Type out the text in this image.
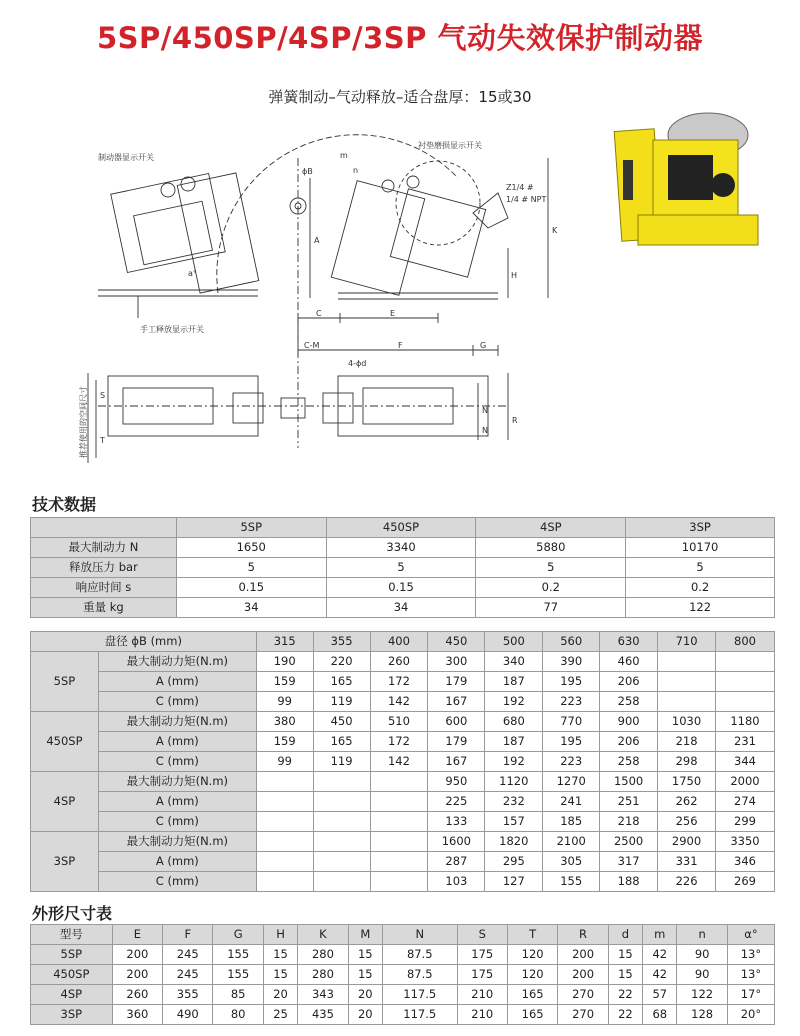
5SP/450SP/4SP/3SP 气动失效保护制动器
弹簧制动–气动释放–适合盘厚：15或30
制动器显示开关
衬垫磨损显示开关
手工释放显示开关
ϕB
4-ϕd
Z1/4 #
1/4 # NPT
m
n
A
K
H
C	E
C-M	F	G
S
T
N
N
R
a°
推荐使用的空间尺寸
技术数据
	5SP	450SP	4SP	3SP
最大制动力 N	1650	3340	5880	10170
释放压力 bar	5	5	5	5
响应时间 s	0.15	0.15	0.2	0.2
重量 kg	34	34	77	122
盘径 ϕB (mm)		315	355	400	450	500	560	630	710	800
5SP	最大制动力矩(N.m)	190	220	260	300	340	390	460		
	A (mm)	159	165	172	179	187	195	206		
	C (mm)	99	119	142	167	192	223	258		
450SP	最大制动力矩(N.m)	380	450	510	600	680	770	900	1030	1180
	A (mm)	159	165	172	179	187	195	206	218	231
	C (mm)	99	119	142	167	192	223	258	298	344
4SP	最大制动力矩(N.m)				950	1120	1270	1500	1750	2000
	A (mm)				225	232	241	251	262	274
	C (mm)				133	157	185	218	256	299
3SP	最大制动力矩(N.m)				1600	1820	2100	2500	2900	3350
	A (mm)				287	295	305	317	331	346
	C (mm)				103	127	155	188	226	269
外形尺寸表
型号	E	F	G	H	K	M	N	S	T	R	d	m	n	α°
5SP	200	245	155	15	280	15	87.5	175	120	200	15	42	90	13°
450SP	200	245	155	15	280	15	87.5	175	120	200	15	42	90	13°
4SP	260	355	85	20	343	20	117.5	210	165	270	22	57	122	17°
3SP	360	490	80	25	435	20	117.5	210	165	270	22	68	128	20°
